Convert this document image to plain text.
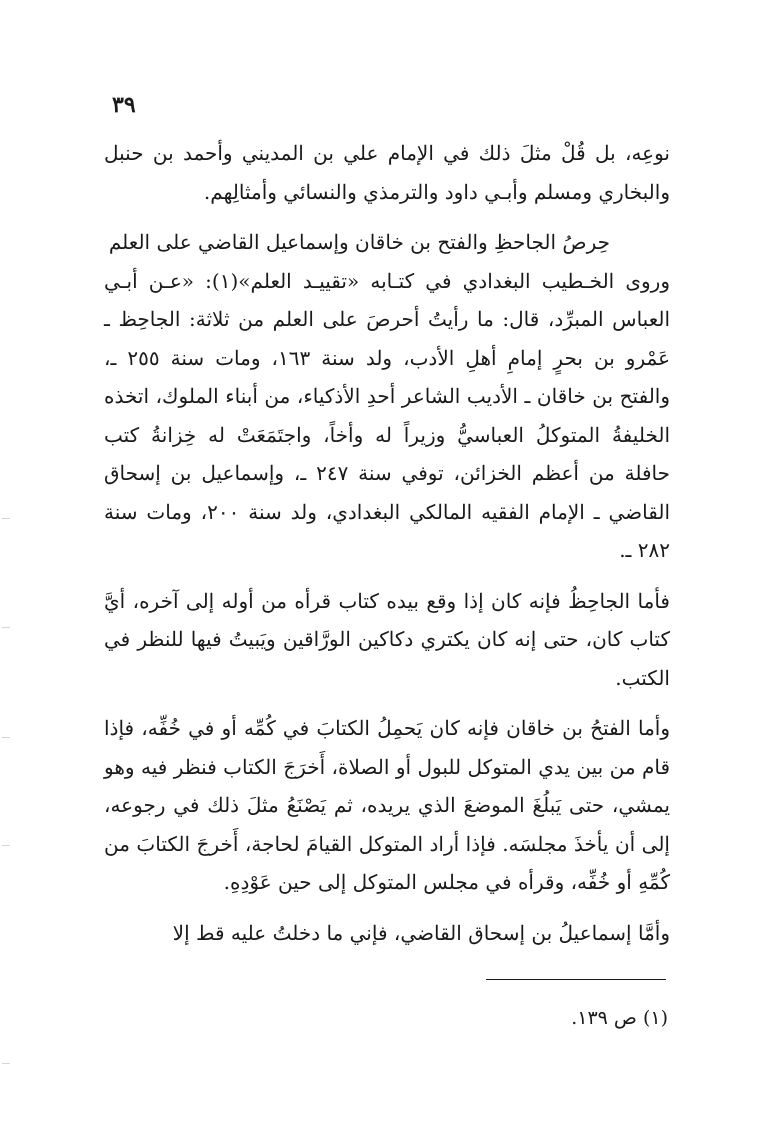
٣٩

نوعِه، بل قُلْ مثلَ ذلك في الإمام علي بن المديني وأحمد بن حنبل والبخاري ومسلم وأبـي داود والترمذي والنسائي وأمثالِهم.

حِرصُ الجاحظِ والفتح بن خاقان وإسماعيل القاضي على العلم

وروى الخـطيب البغدادي في كتـابه «تقييـد العلم»(١): «عـن أبـي العباس المبرِّد، قال: ما رأيتُ أحرصَ على العلم من ثلاثة: الجاحِظ ـ عَمْرو بن بحرٍ إمامِ أهلِ الأدب، ولد سنة ١٦٣، ومات سنة ٢٥٥ ـ، والفتح بن خاقان ـ الأديب الشاعر أحدِ الأذكياء، من أبناء الملوك، اتخذه الخليفةُ المتوكلُ العباسيُّ وزيراً له وأخاً، واجتَمَعَتْ له خِزانةُ كتب حافلة من أعظم الخزائن، توفي سنة ٢٤٧ ـ، وإسماعيل بن إسحاق القاضي ـ الإمام الفقيه المالكي البغدادي، ولد سنة ٢٠٠، ومات سنة ٢٨٢ ـ.

فأما الجاحِظُ فإنه كان إذا وقع بيده كتاب قرأه من أوله إلى آخره، أيَّ كتاب كان، حتى إنه كان يكتري دكاكين الورَّاقين ويَبيتُ فيها للنظر في الكتب.

وأما الفتحُ بن خاقان فإنه كان يَحمِلُ الكتابَ في كُمِّه أو في خُفِّه، فإذا قام من بين يدي المتوكل للبول أو الصلاة، أَخرَجَ الكتاب فنظر فيه وهو يمشي، حتى يَبلُغَ الموضعَ الذي يريده، ثم يَصْنَعُ مثلَ ذلك في رجوعه، إلى أن يأخذَ مجلسَه. فإذا أراد المتوكل القيامَ لحاجة، أَخرجَ الكتابَ من كُمِّهِ أو خُفِّه، وقرأه في مجلس المتوكل إلى حين عَوْدِهِ.

وأمَّا إسماعيلُ بن إسحاق القاضي، فإني ما دخلتُ عليه قط إلا

(١) ص ١٣٩.
